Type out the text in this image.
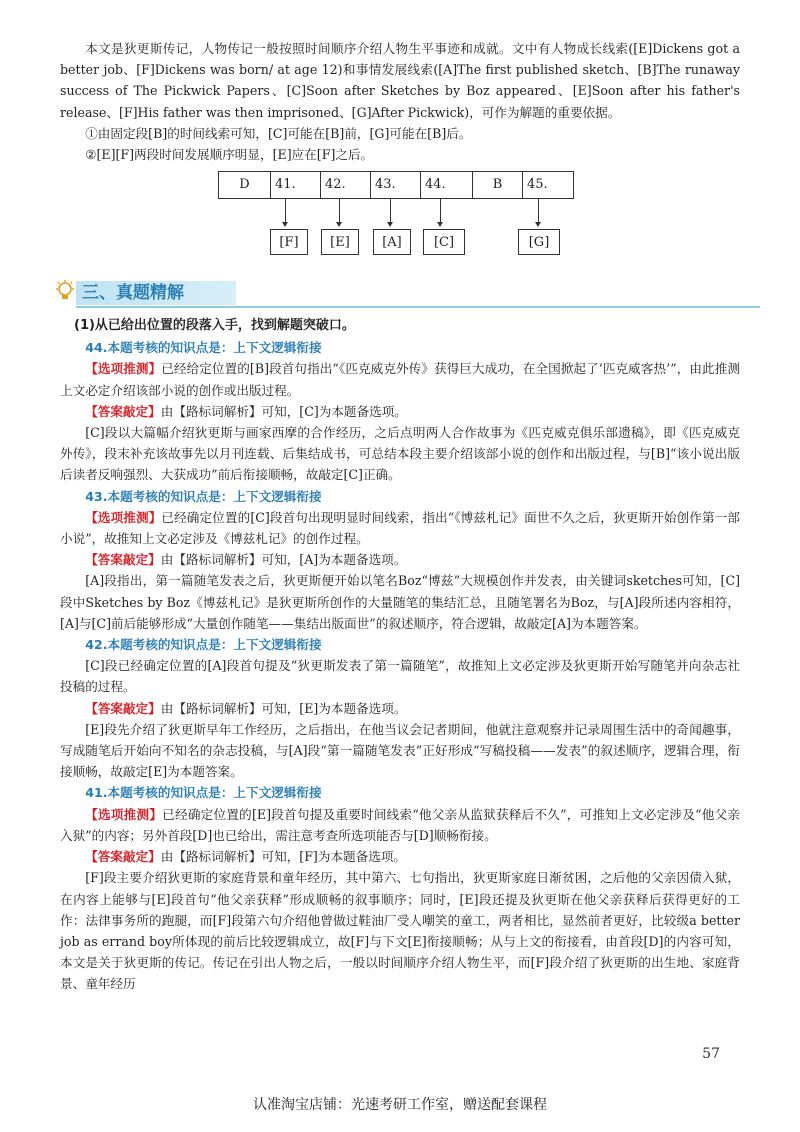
本文是狄更斯传记，人物传记一般按照时间顺序介绍人物生平事迹和成就。文中有人物成长线索([E]Dickens got a better job、[F]Dickens was born/ at age 12)和事情发展线索([A]The first published sketch、[B]The runaway success of The Pickwick Papers、[C]Soon after Sketches by Boz appeared、[E]Soon after his father's release、[F]His father was then imprisoned、[G]After Pickwick)，可作为解题的重要依据。

①由固定段[B]的时间线索可知，[C]可能在[B]前，[G]可能在[B]后。

②[E][F]两段时间发展顺序明显，[E]应在[F]之后。

D	41.	42.	43.	44.	B	45.
[F]	[E]	[A]	[C]	[G]
三、真题精解
(1)从已给出位置的段落入手，找到解题突破口。
44.本题考核的知识点是：上下文逻辑衔接

【选项推测】已经给定位置的[B]段首句指出“《匹克威克外传》获得巨大成功，在全国掀起了‘匹克威客热’”，由此推测上文必定介绍该部小说的创作或出版过程。

【答案敲定】由【路标词解析】可知，[C]为本题备选项。

[C]段以大篇幅介绍狄更斯与画家西摩的合作经历，之后点明两人合作故事为《匹克威克俱乐部遗稿》，即《匹克威克外传》，段末补充该故事先以月刊连载、后集结成书，可总结本段主要介绍该部小说的创作和出版过程，与[B]“该小说出版后读者反响强烈、大获成功”前后衔接顺畅，故敲定[C]正确。

43.本题考核的知识点是：上下文逻辑衔接

【选项推测】已经确定位置的[C]段首句出现明显时间线索，指出“《博兹札记》面世不久之后，狄更斯开始创作第一部小说”，故推知上文必定涉及《博兹札记》的创作过程。

【答案敲定】由【路标词解析】可知，[A]为本题备选项。

[A]段指出，第一篇随笔发表之后，狄更斯便开始以笔名Boz“博兹”大规模创作并发表，由关键词sketches可知，[C]段中Sketches by Boz《博兹札记》是狄更斯所创作的大量随笔的集结汇总，且随笔署名为Boz，与[A]段所述内容相符，[A]与[C]前后能够形成“大量创作随笔——集结出版面世”的叙述顺序，符合逻辑，故敲定[A]为本题答案。

42.本题考核的知识点是：上下文逻辑衔接

[C]段已经确定位置的[A]段首句提及“狄更斯发表了第一篇随笔”，故推知上文必定涉及狄更斯开始写随笔并向杂志社投稿的过程。

【答案敲定】由【路标词解析】可知，[E]为本题备选项。

[E]段先介绍了狄更斯早年工作经历，之后指出，在他当议会记者期间，他就注意观察并记录周围生活中的奇闻趣事，写成随笔后开始向不知名的杂志投稿，与[A]段“第一篇随笔发表”正好形成“写稿投稿——发表”的叙述顺序，逻辑合理，衔接顺畅，故敲定[E]为本题答案。

41.本题考核的知识点是：上下文逻辑衔接

【选项推测】已经确定位置的[E]段首句提及重要时间线索“他父亲从监狱获释后不久”，可推知上文必定涉及“他父亲入狱”的内容；另外首段[D]也已给出，需注意考查所选项能否与[D]顺畅衔接。

【答案敲定】由【路标词解析】可知，[F]为本题备选项。

[F]段主要介绍狄更斯的家庭背景和童年经历，其中第六、七句指出，狄更斯家庭日渐贫困，之后他的父亲因债入狱，在内容上能够与[E]段首句“他父亲获释”形成顺畅的叙事顺序；同时，[E]段还提及狄更斯在他父亲获释后获得更好的工作：法律事务所的跑腿，而[F]段第六句介绍他曾做过鞋油厂受人嘲笑的童工，两者相比，显然前者更好，比较级a better job as errand boy所体现的前后比较逻辑成立，故[F]与下文[E]衔接顺畅；从与上文的衔接看，由首段[D]的内容可知，本文是关于狄更斯的传记。传记在引出人物之后，一般以时间顺序介绍人物生平，而[F]段介绍了狄更斯的出生地、家庭背景、童年经历

57
认准淘宝店铺：光速考研工作室，赠送配套课程
